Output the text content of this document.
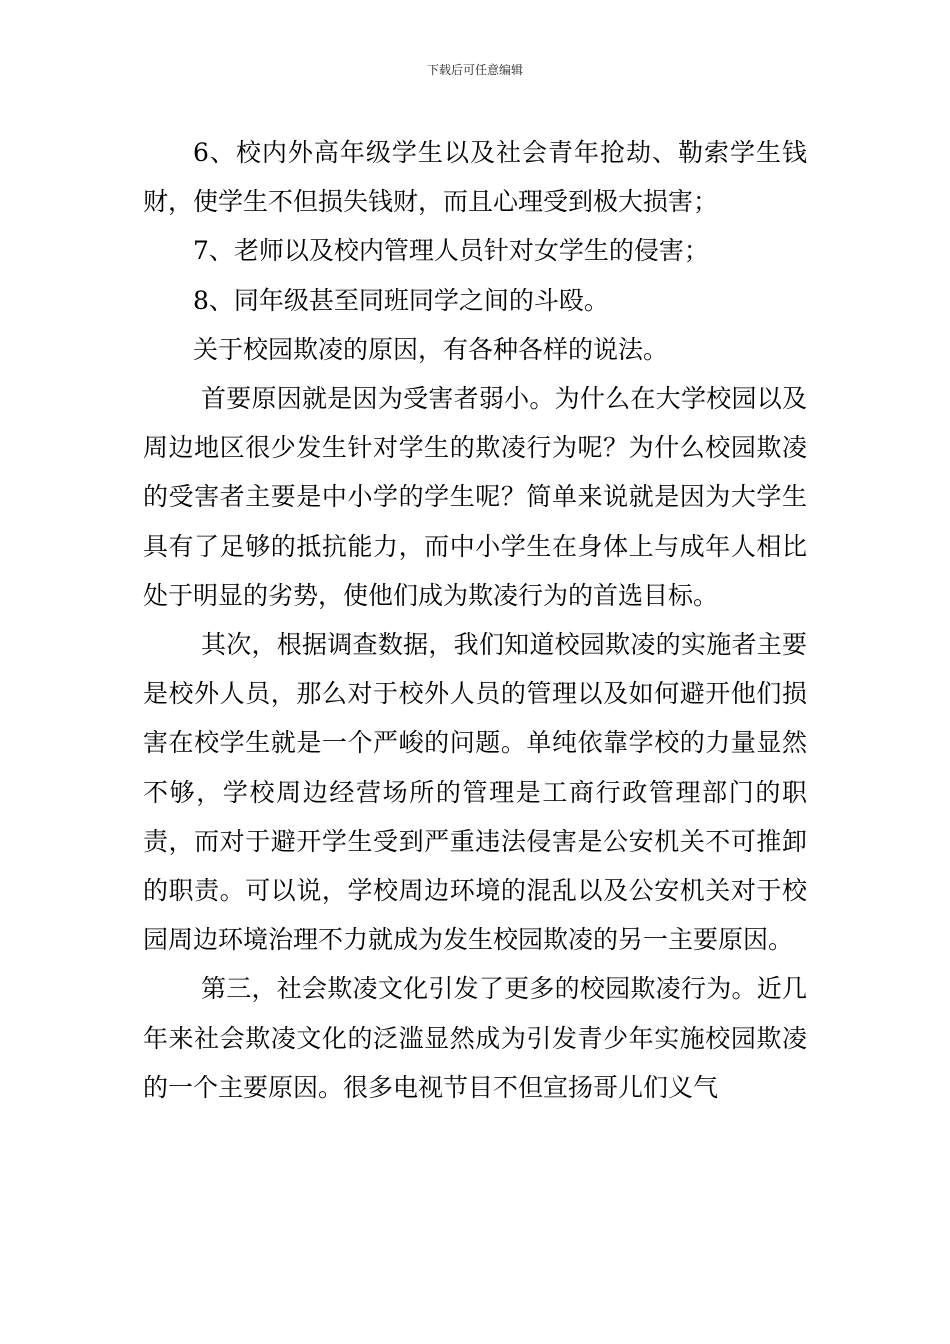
下载后可任意编辑

6、校内外高年级学生以及社会青年抢劫、勒索学生钱财，使学生不但损失钱财，而且心理受到极大损害；

7、老师以及校内管理人员针对女学生的侵害；

8、同年级甚至同班同学之间的斗殴。

关于校园欺凌的原因，有各种各样的说法。

首要原因就是因为受害者弱小。为什么在大学校园以及周边地区很少发生针对学生的欺凌行为呢？为什么校园欺凌的受害者主要是中小学的学生呢？简单来说就是因为大学生具有了足够的抵抗能力，而中小学生在身体上与成年人相比处于明显的劣势，使他们成为欺凌行为的首选目标。

其次，根据调查数据，我们知道校园欺凌的实施者主要是校外人员，那么对于校外人员的管理以及如何避开他们损害在校学生就是一个严峻的问题。单纯依靠学校的力量显然不够，学校周边经营场所的管理是工商行政管理部门的职责，而对于避开学生受到严重违法侵害是公安机关不可推卸的职责。可以说，学校周边环境的混乱以及公安机关对于校园周边环境治理不力就成为发生校园欺凌的另一主要原因。

第三，社会欺凌文化引发了更多的校园欺凌行为。近几年来社会欺凌文化的泛滥显然成为引发青少年实施校园欺凌的一个主要原因。很多电视节目不但宣扬哥儿们义气
